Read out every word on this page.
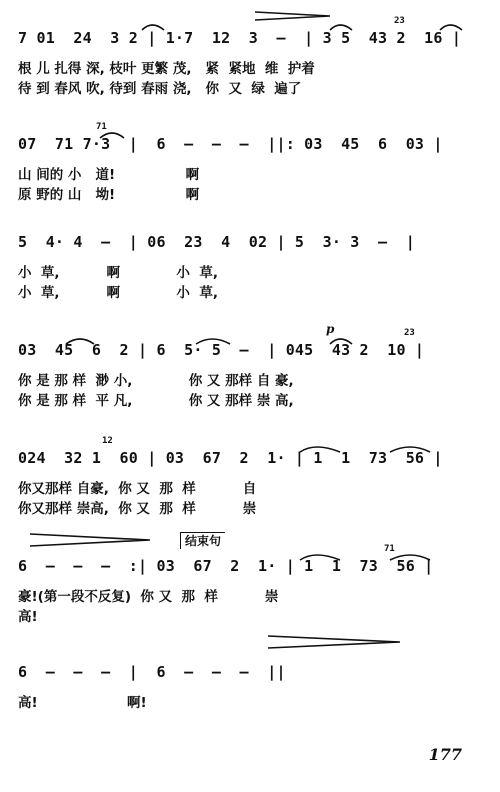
7 01  24  3 2 | 1·7  12  3  —  | 3 5  43 2  16 |
23
根 儿 扎得 深, 枝叶 更繁 茂,   紧  紧地  维  护着
待 到 春风 吹, 待到 春雨 浇,   你  又  绿  遍了
07  71 7·3  |  6  —  —  —  ||: 03  45  6  03 |
71
山 间的 小   道!               啊
原 野的 山   坳!               啊
5  4· 4  —  | 06  23  4  02 | 5  3· 3  —  |
小  草,          啊            小  草,
小  草,          啊            小  草,
p
03  45  6  2 | 6  5· 5  —  | 045  43 2  10 |
23
你 是 那 样  渺 小,            你 又 那样 自 豪,
你 是 那 样  平 凡,            你 又 那样 崇 高,
024  32 1  60 | 03  67  2  1· | 1  1  73  56 |
12
你又那样 自豪,  你 又  那  样          自
你又那样 崇高,  你 又  那  样          崇
结束句
6  —  —  —  :| 03  67  2  1· | 1  1  73  56 |
71
豪!(第一段不反复)  你 又  那  样          崇
高!
6  —  —  —  |  6  —  —  —  ||
高!                   啊!
177
